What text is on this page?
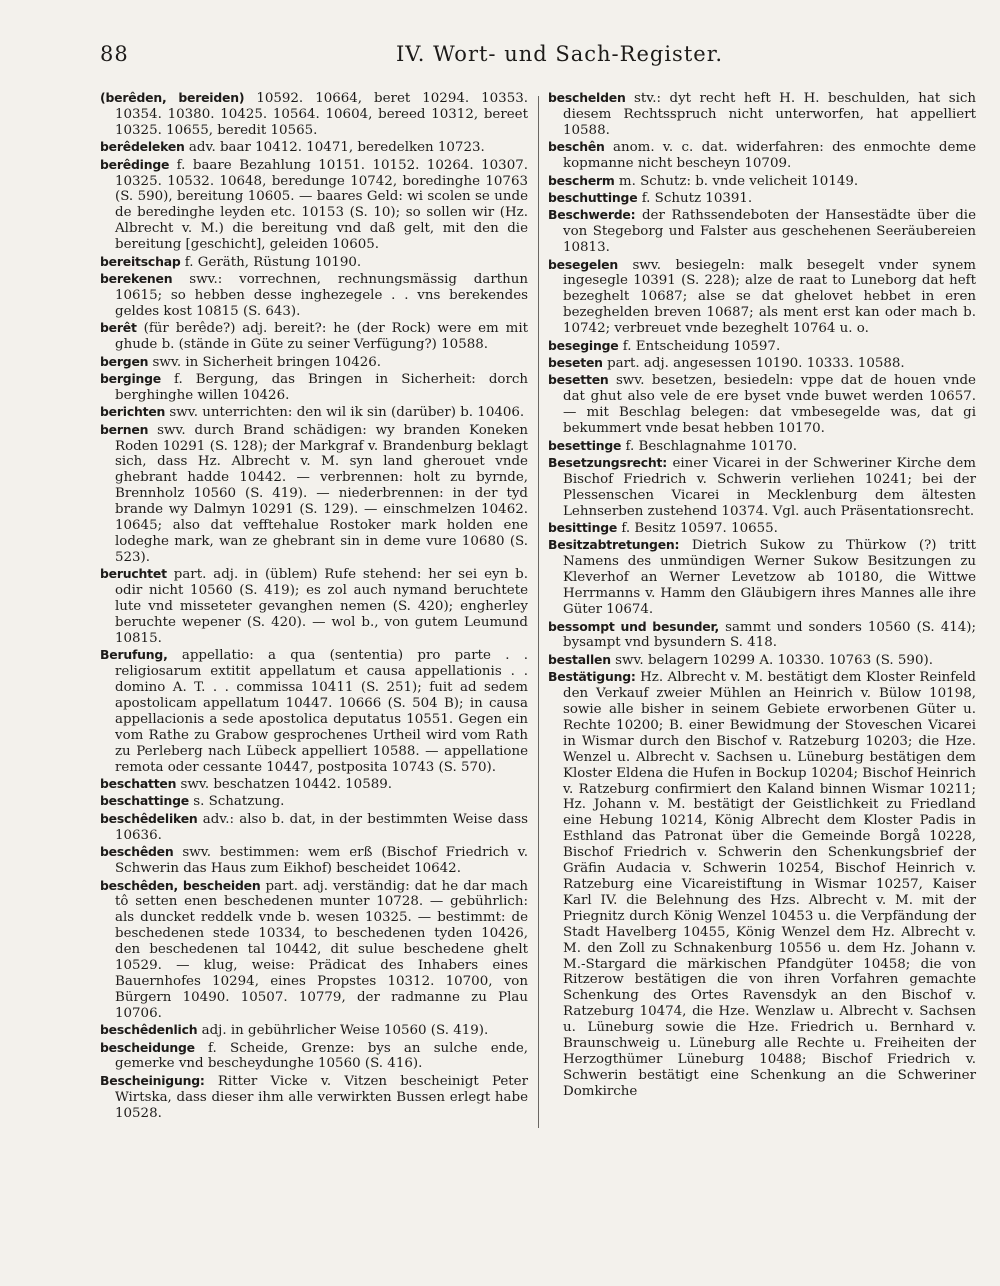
88	IV. Wort- und Sach-Register.

(berêden, bereiden) 10592. 10664, beret 10294. 10353. 10354. 10380. 10425. 10564. 10604, bereed 10312, bereet 10325. 10655, beredit 10565.

berêdeleken adv. baar 10412. 10471, beredelken 10723.

berêdinge f. baare Bezahlung 10151. 10152. 10264. 10307. 10325. 10532. 10648, beredunge 10742, boredinghe 10763 (S. 590), bereitung 10605. — baares Geld: wi scolen se unde de beredinghe leyden etc. 10153 (S. 10); so sollen wir (Hz. Albrecht v. M.) die bereitung vnd daß gelt, mit den die bereitung [geschicht], geleiden 10605.

bereitschap f. Geräth, Rüstung 10190.

berekenen swv.: vorrechnen, rechnungsmässig darthun 10615; so hebben desse inghezegele . . vns berekendes geldes kost 10815 (S. 643).

berêt (für berêde?) adj. bereit?: he (der Rock) were em mit ghude b. (stände in Güte zu seiner Verfügung?) 10588.

bergen swv. in Sicherheit bringen 10426.

berginge f. Bergung, das Bringen in Sicherheit: dorch berghinghe willen 10426.

berichten swv. unterrichten: den wil ik sin (darüber) b. 10406.

bernen swv. durch Brand schädigen: wy branden Koneken Roden 10291 (S. 128); der Markgraf v. Brandenburg beklagt sich, dass Hz. Albrecht v. M. syn land gherouet vnde ghebrant hadde 10442. — verbrennen: holt zu byrnde, Brennholz 10560 (S. 419). — niederbrennen: in der tyd brande wy Dalmyn 10291 (S. 129). — einschmelzen 10462. 10645; also dat vefftehalue Rostoker mark holden ene lodeghe mark, wan ze ghebrant sin in deme vure 10680 (S. 523).

beruchtet part. adj. in (üblem) Rufe stehend: her sei eyn b. odir nicht 10560 (S. 419); es zol auch nymand beruchtete lute vnd misseteter gevanghen nemen (S. 420); engherley beruchte wepener (S. 420). — wol b., von gutem Leumund 10815.

Berufung, appellatio: a qua (sententia) pro parte . . religiosarum extitit appellatum et causa appellationis . . domino A. T. . . commissa 10411 (S. 251); fuit ad sedem apostolicam appellatum 10447. 10666 (S. 504 B); in causa appellacionis a sede apostolica deputatus 10551. Gegen ein vom Rathe zu Grabow gesprochenes Urtheil wird vom Rath zu Perleberg nach Lübeck appelliert 10588. — appellatione remota oder cessante 10447, postposita 10743 (S. 570).

beschatten swv. beschatzen 10442. 10589.

beschattinge s. Schatzung.

beschêdeliken adv.: also b. dat, in der bestimmten Weise dass 10636.

beschêden swv. bestimmen: wem erß (Bischof Friedrich v. Schwerin das Haus zum Eikhof) bescheidet 10642.

beschêden, bescheiden part. adj. verständig: dat he dar mach tô setten enen beschedenen munter 10728. — gebührlich: als duncket reddelk vnde b. wesen 10325. — bestimmt: de beschedenen stede 10334, to beschedenen tyden 10426, den beschedenen tal 10442, dit sulue beschedene ghelt 10529. — klug, weise: Prädicat des Inhabers eines Bauernhofes 10294, eines Propstes 10312. 10700, von Bürgern 10490. 10507. 10779, der radmanne zu Plau 10706.

beschêdenlich adj. in gebührlicher Weise 10560 (S. 419).

bescheidunge f. Scheide, Grenze: bys an sulche ende, gemerke vnd bescheydunghe 10560 (S. 416).

Bescheinigung: Ritter Vicke v. Vitzen bescheinigt Peter Wirtska, dass dieser ihm alle verwirkten Bussen erlegt habe 10528.

beschelden stv.: dyt recht heft H. H. beschulden, hat sich diesem Rechtsspruch nicht unterworfen, hat appelliert 10588.

beschên anom. v. c. dat. widerfahren: des enmochte deme kopmanne nicht bescheyn 10709.

bescherm m. Schutz: b. vnde velicheit 10149.

beschuttinge f. Schutz 10391.

Beschwerde: der Rathssendeboten der Hansestädte über die von Stegeborg und Falster aus geschehenen Seeräubereien 10813.

besegelen swv. besiegeln: malk besegelt vnder synem ingesegle 10391 (S. 228); alze de raat to Luneborg dat heft bezeghelt 10687; alse se dat ghelovet hebbet in eren bezeghelden breven 10687; als ment erst kan oder mach b. 10742; verbreuet vnde bezeghelt 10764 u. o.

beseginge f. Entscheidung 10597.

beseten part. adj. angesessen 10190. 10333. 10588.

besetten swv. besetzen, besiedeln: vppe dat de houen vnde dat ghut also vele de ere byset vnde buwet werden 10657. — mit Beschlag belegen: dat vmbesegelde was, dat gi bekummert vnde besat hebben 10170.

besettinge f. Beschlagnahme 10170.

Besetzungsrecht: einer Vicarei in der Schweriner Kirche dem Bischof Friedrich v. Schwerin verliehen 10241; bei der Plessenschen Vicarei in Mecklenburg dem ältesten Lehnserben zustehend 10374. Vgl. auch Präsentationsrecht.

besittinge f. Besitz 10597. 10655.

Besitzabtretungen: Dietrich Sukow zu Thürkow (?) tritt Namens des unmündigen Werner Sukow Besitzungen zu Kleverhof an Werner Levetzow ab 10180, die Wittwe Herrmanns v. Hamm den Gläubigern ihres Mannes alle ihre Güter 10674.

bessompt und besunder, sammt und sonders 10560 (S. 414); bysampt vnd bysundern S. 418.

bestallen swv. belagern 10299 A. 10330. 10763 (S. 590).

Bestätigung: Hz. Albrecht v. M. bestätigt dem Kloster Reinfeld den Verkauf zweier Mühlen an Heinrich v. Bülow 10198, sowie alle bisher in seinem Gebiete erworbenen Güter u. Rechte 10200; B. einer Bewidmung der Stoveschen Vicarei in Wismar durch den Bischof v. Ratzeburg 10203; die Hze. Wenzel u. Albrecht v. Sachsen u. Lüneburg bestätigen dem Kloster Eldena die Hufen in Bockup 10204; Bischof Heinrich v. Ratzeburg confirmiert den Kaland binnen Wismar 10211; Hz. Johann v. M. bestätigt der Geistlichkeit zu Friedland eine Hebung 10214, König Albrecht dem Kloster Padis in Esthland das Patronat über die Gemeinde Borgå 10228, Bischof Friedrich v. Schwerin den Schenkungsbrief der Gräfin Audacia v. Schwerin 10254, Bischof Heinrich v. Ratzeburg eine Vicareistiftung in Wismar 10257, Kaiser Karl IV. die Belehnung des Hzs. Albrecht v. M. mit der Priegnitz durch König Wenzel 10453 u. die Verpfändung der Stadt Havelberg 10455, König Wenzel dem Hz. Albrecht v. M. den Zoll zu Schnakenburg 10556 u. dem Hz. Johann v. M.-Stargard die märkischen Pfandgüter 10458; die von Ritzerow bestätigen die von ihren Vorfahren gemachte Schenkung des Ortes Ravensdyk an den Bischof v. Ratzeburg 10474, die Hze. Wenzlaw u. Albrecht v. Sachsen u. Lüneburg sowie die Hze. Friedrich u. Bernhard v. Braunschweig u. Lüneburg alle Rechte u. Freiheiten der Herzogthümer Lüneburg 10488; Bischof Friedrich v. Schwerin bestätigt eine Schenkung an die Schweriner Domkirche
